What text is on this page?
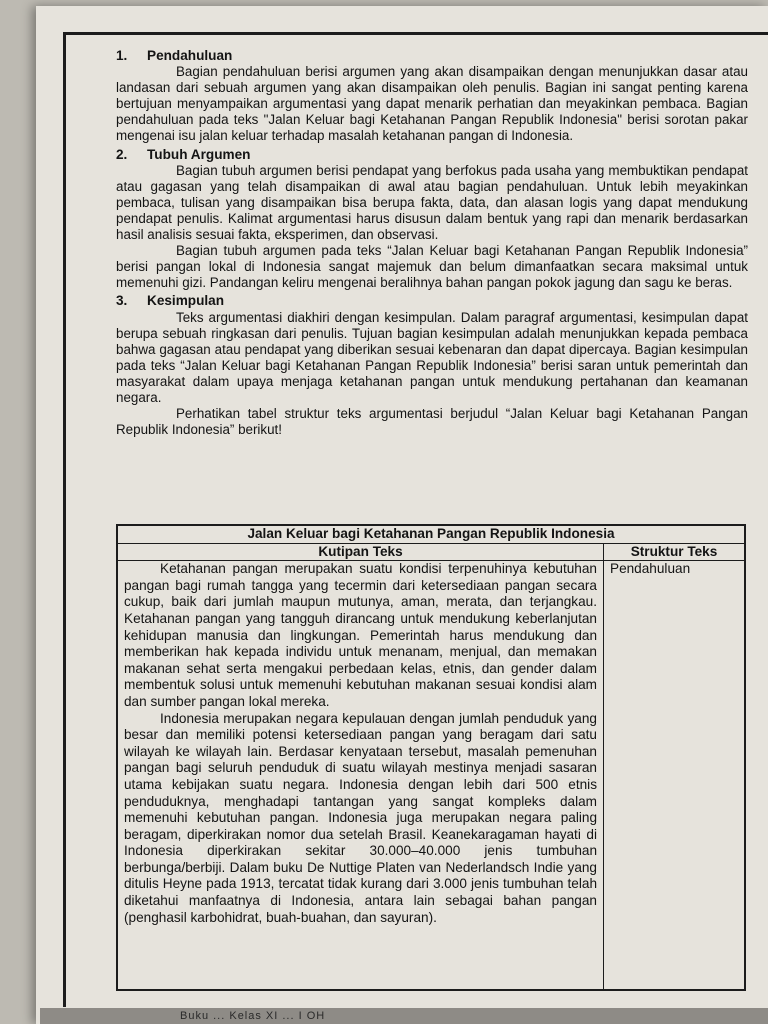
1.	Pendahuluan

Bagian pendahuluan berisi argumen yang akan disampaikan dengan menunjukkan dasar atau landasan dari sebuah argumen yang akan disampaikan oleh penulis. Bagian ini sangat penting karena bertujuan menyampaikan argumentasi yang dapat menarik perhatian dan meyakinkan pembaca. Bagian pendahuluan pada teks "Jalan Keluar bagi Ketahanan Pangan Republik Indonesia" berisi sorotan pakar mengenai isu jalan keluar terhadap masalah ketahanan pangan di Indonesia.

2.	Tubuh Argumen

Bagian tubuh argumen berisi pendapat yang berfokus pada usaha yang membuktikan pendapat atau gagasan yang telah disampaikan di awal atau bagian pendahuluan. Untuk lebih meyakinkan pembaca, tulisan yang disampaikan bisa berupa fakta, data, dan alasan logis yang dapat mendukung pendapat penulis. Kalimat argumentasi harus disusun dalam bentuk yang rapi dan menarik berdasarkan hasil analisis sesuai fakta, eksperimen, dan observasi.

Bagian tubuh argumen pada teks “Jalan Keluar bagi Ketahanan Pangan Republik Indonesia” berisi pangan lokal di Indonesia sangat majemuk dan belum dimanfaatkan secara maksimal untuk memenuhi gizi. Pandangan keliru mengenai beralihnya bahan pangan pokok jagung dan sagu ke beras.

3.	Kesimpulan

Teks argumentasi diakhiri dengan kesimpulan. Dalam paragraf argumentasi, kesimpulan dapat berupa sebuah ringkasan dari penulis. Tujuan bagian kesimpulan adalah menunjukkan kepada pembaca bahwa gagasan atau pendapat yang diberikan sesuai kebenaran dan dapat dipercaya. Bagian kesimpulan pada teks “Jalan Keluar bagi Ketahanan Pangan Republik Indonesia” berisi saran untuk pemerintah dan masyarakat dalam upaya menjaga ketahanan pangan untuk mendukung pertahanan dan keamanan negara.

Perhatikan tabel struktur teks argumentasi berjudul “Jalan Keluar bagi Ketahanan Pangan Republik Indonesia” berikut!

Jalan Keluar bagi Ketahanan Pangan Republik Indonesia	
Kutipan Teks	Struktur Teks

Ketahanan pangan merupakan suatu kondisi terpenuhinya kebutuhan pangan bagi rumah tangga yang tecermin dari ketersediaan pangan secara cukup, baik dari jumlah maupun mutunya, aman, merata, dan terjangkau. Ketahanan pangan yang tangguh dirancang untuk mendukung keberlanjutan kehidupan manusia dan lingkungan. Pemerintah harus mendukung dan memberikan hak kepada individu untuk menanam, menjual, dan memakan makanan sehat serta mengakui perbedaan kelas, etnis, dan gender dalam membentuk solusi untuk memenuhi kebutuhan makanan sesuai kondisi alam dan sumber pangan lokal mereka.

Indonesia merupakan negara kepulauan dengan jumlah penduduk yang besar dan memiliki potensi ketersediaan pangan yang beragam dari satu wilayah ke wilayah lain. Berdasar kenyataan tersebut, masalah pemenuhan pangan bagi seluruh penduduk di suatu wilayah mestinya menjadi sasaran utama kebijakan suatu negara. Indonesia dengan lebih dari 500 etnis penduduknya, menghadapi tantangan yang sangat kompleks dalam memenuhi kebutuhan pangan. Indonesia juga merupakan negara paling beragam, diperkirakan nomor dua setelah Brasil. Keanekaragaman hayati di Indonesia diperkirakan sekitar 30.000–40.000 jenis tumbuhan berbunga/berbiji. Dalam buku De Nuttige Platen van Nederlandsch Indie yang ditulis Heyne pada 1913, tercatat tidak kurang dari 3.000 jenis tumbuhan telah diketahui manfaatnya di Indonesia, antara lain sebagai bahan pangan (penghasil karbohidrat, buah-buahan, dan sayuran).	Pendahuluan
Buku ... Kelas XI ... I OH
